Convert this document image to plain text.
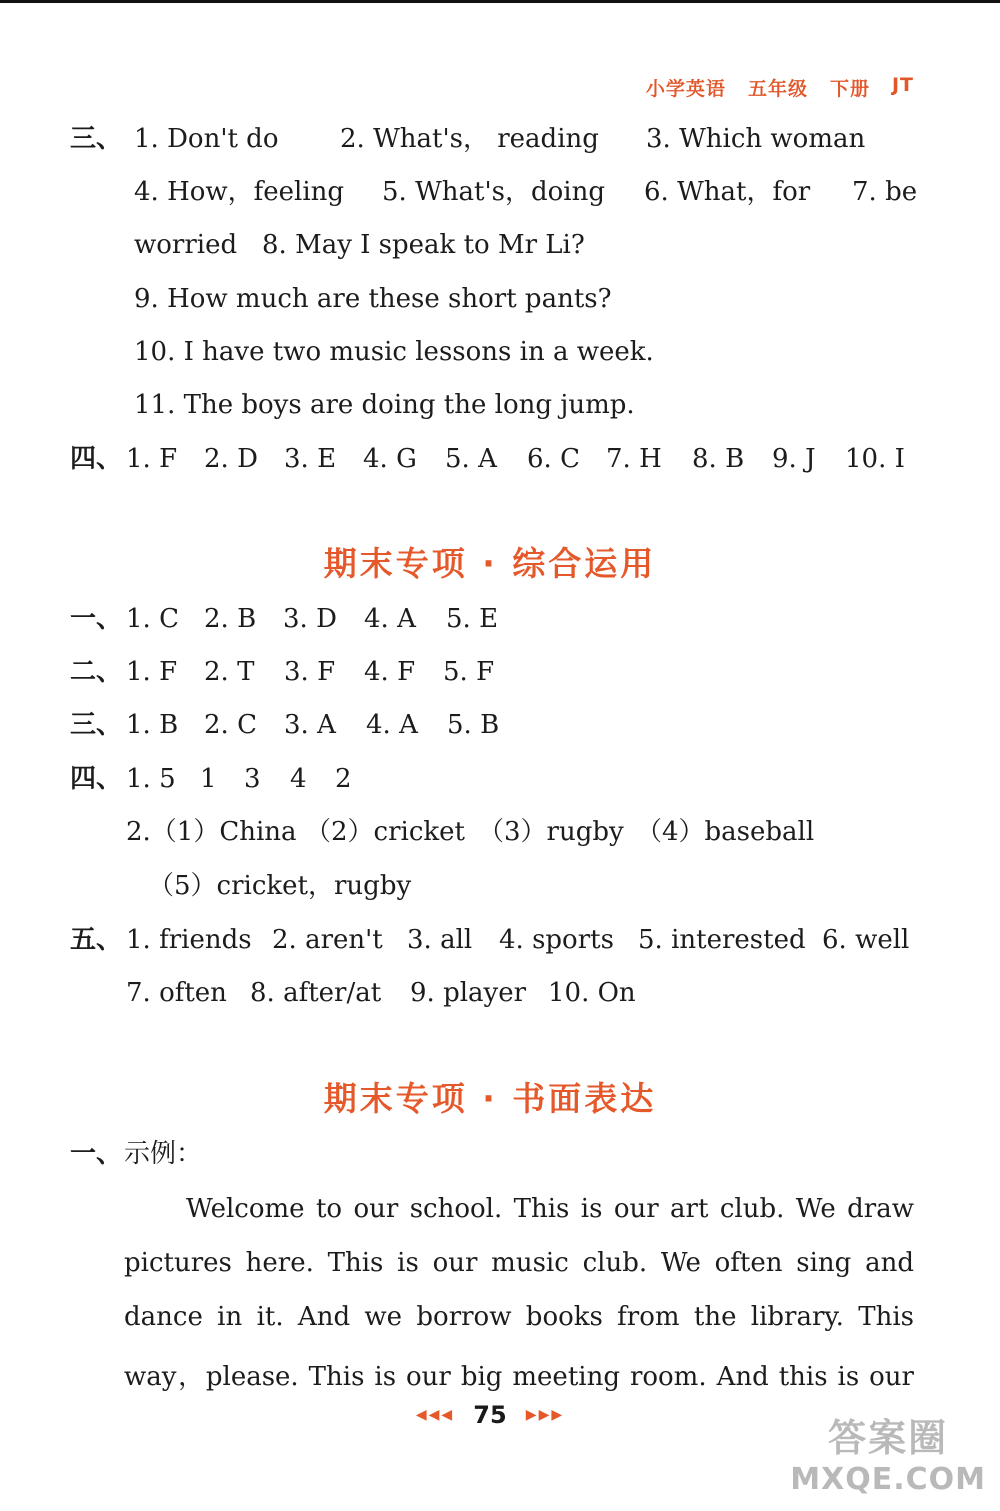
小学英语 五年级 下册 JT
三、 1. Don't do 2. What's， reading 3. Which woman
4. How，feeling 5. What's，doing 6. What，for 7. be
worried 8. May I speak to Mr Li?
9. How much are these short pants?
10. I have two music lessons in a week.
11. The boys are doing the long jump.
四、 1. F 2. D 3. E 4. G 5. A 6. C 7. H 8. B 9. J 10. I
期末专项 · 综合运用
一、 1. C 2. B 3. D 4. A 5. E
二、 1. F 2. T 3. F 4. F 5. F
三、 1. B 2. C 3. A 4. A 5. B
四、 1. 5 1 3 4 2
2.（1）China （2）cricket （3）rugby （4）baseball
（5）cricket，rugby
五、 1. friends 2. aren't 3. all 4. sports 5. interested 6. well
7. often 8. after/at 9. player 10. On
期末专项 · 书面表达
一、 示例：
Welcome to our school. This is our art club. We draw
pictures here. This is our music club. We often sing and
dance in it. And we borrow books from the library. This
way，please. This is our big meeting room. And this is our
◀◀◀ 75 ▶▶▶
答案圈
MXQE.COM
